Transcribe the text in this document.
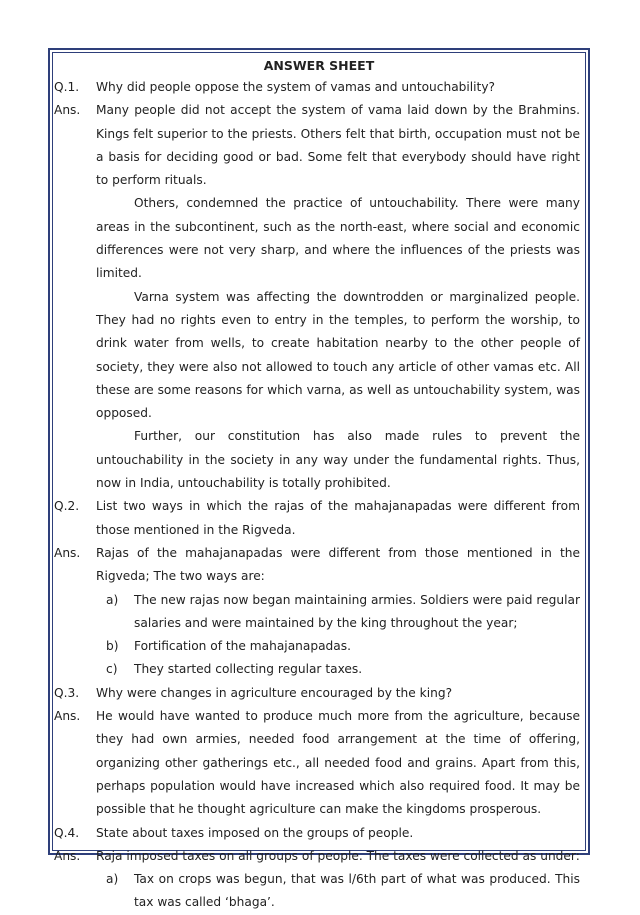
ANSWER SHEET
Q.1.	Why did people oppose the system of vamas and untouchability?
Ans.	Many people did not accept the system of vama laid down by the Brahmins. Kings felt superior to the priests. Others felt that birth, occupation must not be a basis for deciding good or bad. Some felt that everybody should have right to perform rituals.
Others, condemned the practice of untouchability. There were many areas in the subcontinent, such as the north-east, where social and economic differences were not very sharp, and where the influences of the priests was limited.
Varna system was affecting the downtrodden or marginalized people. They had no rights even to entry in the temples, to perform the worship, to drink water from wells, to create habitation nearby to the other people of society, they were also not allowed to touch any article of other vamas etc. All these are some reasons for which varna, as well as untouchability system, was opposed.
Further, our constitution has also made rules to prevent the untouchability in the society in any way under the fundamental rights. Thus, now in India, untouchability is totally prohibited.
Q.2.	List two ways in which the rajas of the mahajanapadas were different from those mentioned in the Rigveda.
Ans.	Rajas of the mahajanapadas were different from those mentioned in the Rigveda; The two ways are:
a)	The new rajas now began maintaining armies. Soldiers were paid regular salaries and were maintained by the king throughout the year;
b)	Fortification of the mahajanapadas.
c)	They started collecting regular taxes.
Q.3.	Why were changes in agriculture encouraged by the king?
Ans.	He would have wanted to produce much more from the agriculture, because they had own armies, needed food arrangement at the time of offering, organizing other gatherings etc., all needed food and grains. Apart from this, perhaps population would have increased which also required food. It may be possible that he thought agriculture can make the kingdoms prosperous.
Q.4.	State about taxes imposed on the groups of people.
Ans.	Raja imposed taxes on all groups of people. The taxes were collected as under:
a)	Tax on crops was begun, that was l/6th part of what was produced. This tax was called ‘bhaga’.
